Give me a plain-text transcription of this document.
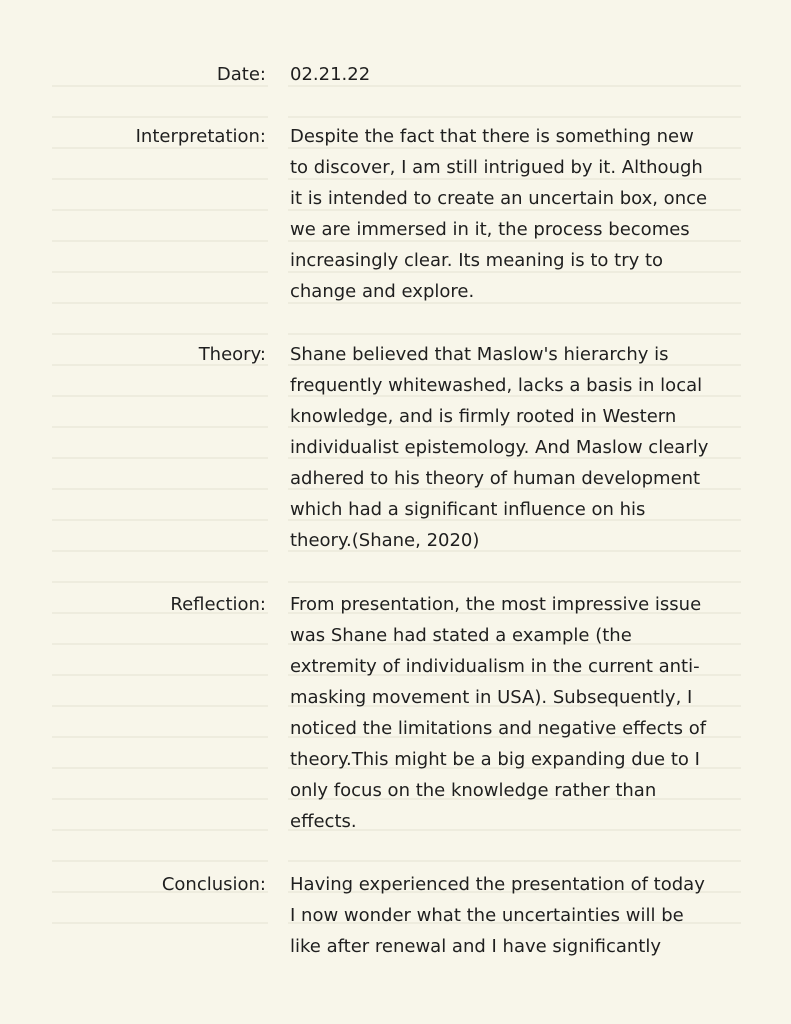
Date: 02.21.22
Interpretation: Despite the fact that there is something new
to discover, I am still intrigued by it. Although
it is intended to create an uncertain box, once
we are immersed in it, the process becomes
increasingly clear. Its meaning is to try to
change and explore.
Theory: Shane believed that Maslow's hierarchy is
frequently whitewashed, lacks a basis in local
knowledge, and is firmly rooted in Western
individualist epistemology. And Maslow clearly
adhered to his theory of human development
which had a significant influence on his
theory.(Shane, 2020)
Reflection: From presentation, the most impressive issue
was Shane had stated a example (the
extremity of individualism in the current anti-
masking movement in USA). Subsequently, I
noticed the limitations and negative effects of
theory.This might be a big expanding due to I
only focus on the knowledge rather than
effects.
Conclusion: Having experienced the presentation of today
I now wonder what the uncertainties will be
like after renewal and I have significantly
